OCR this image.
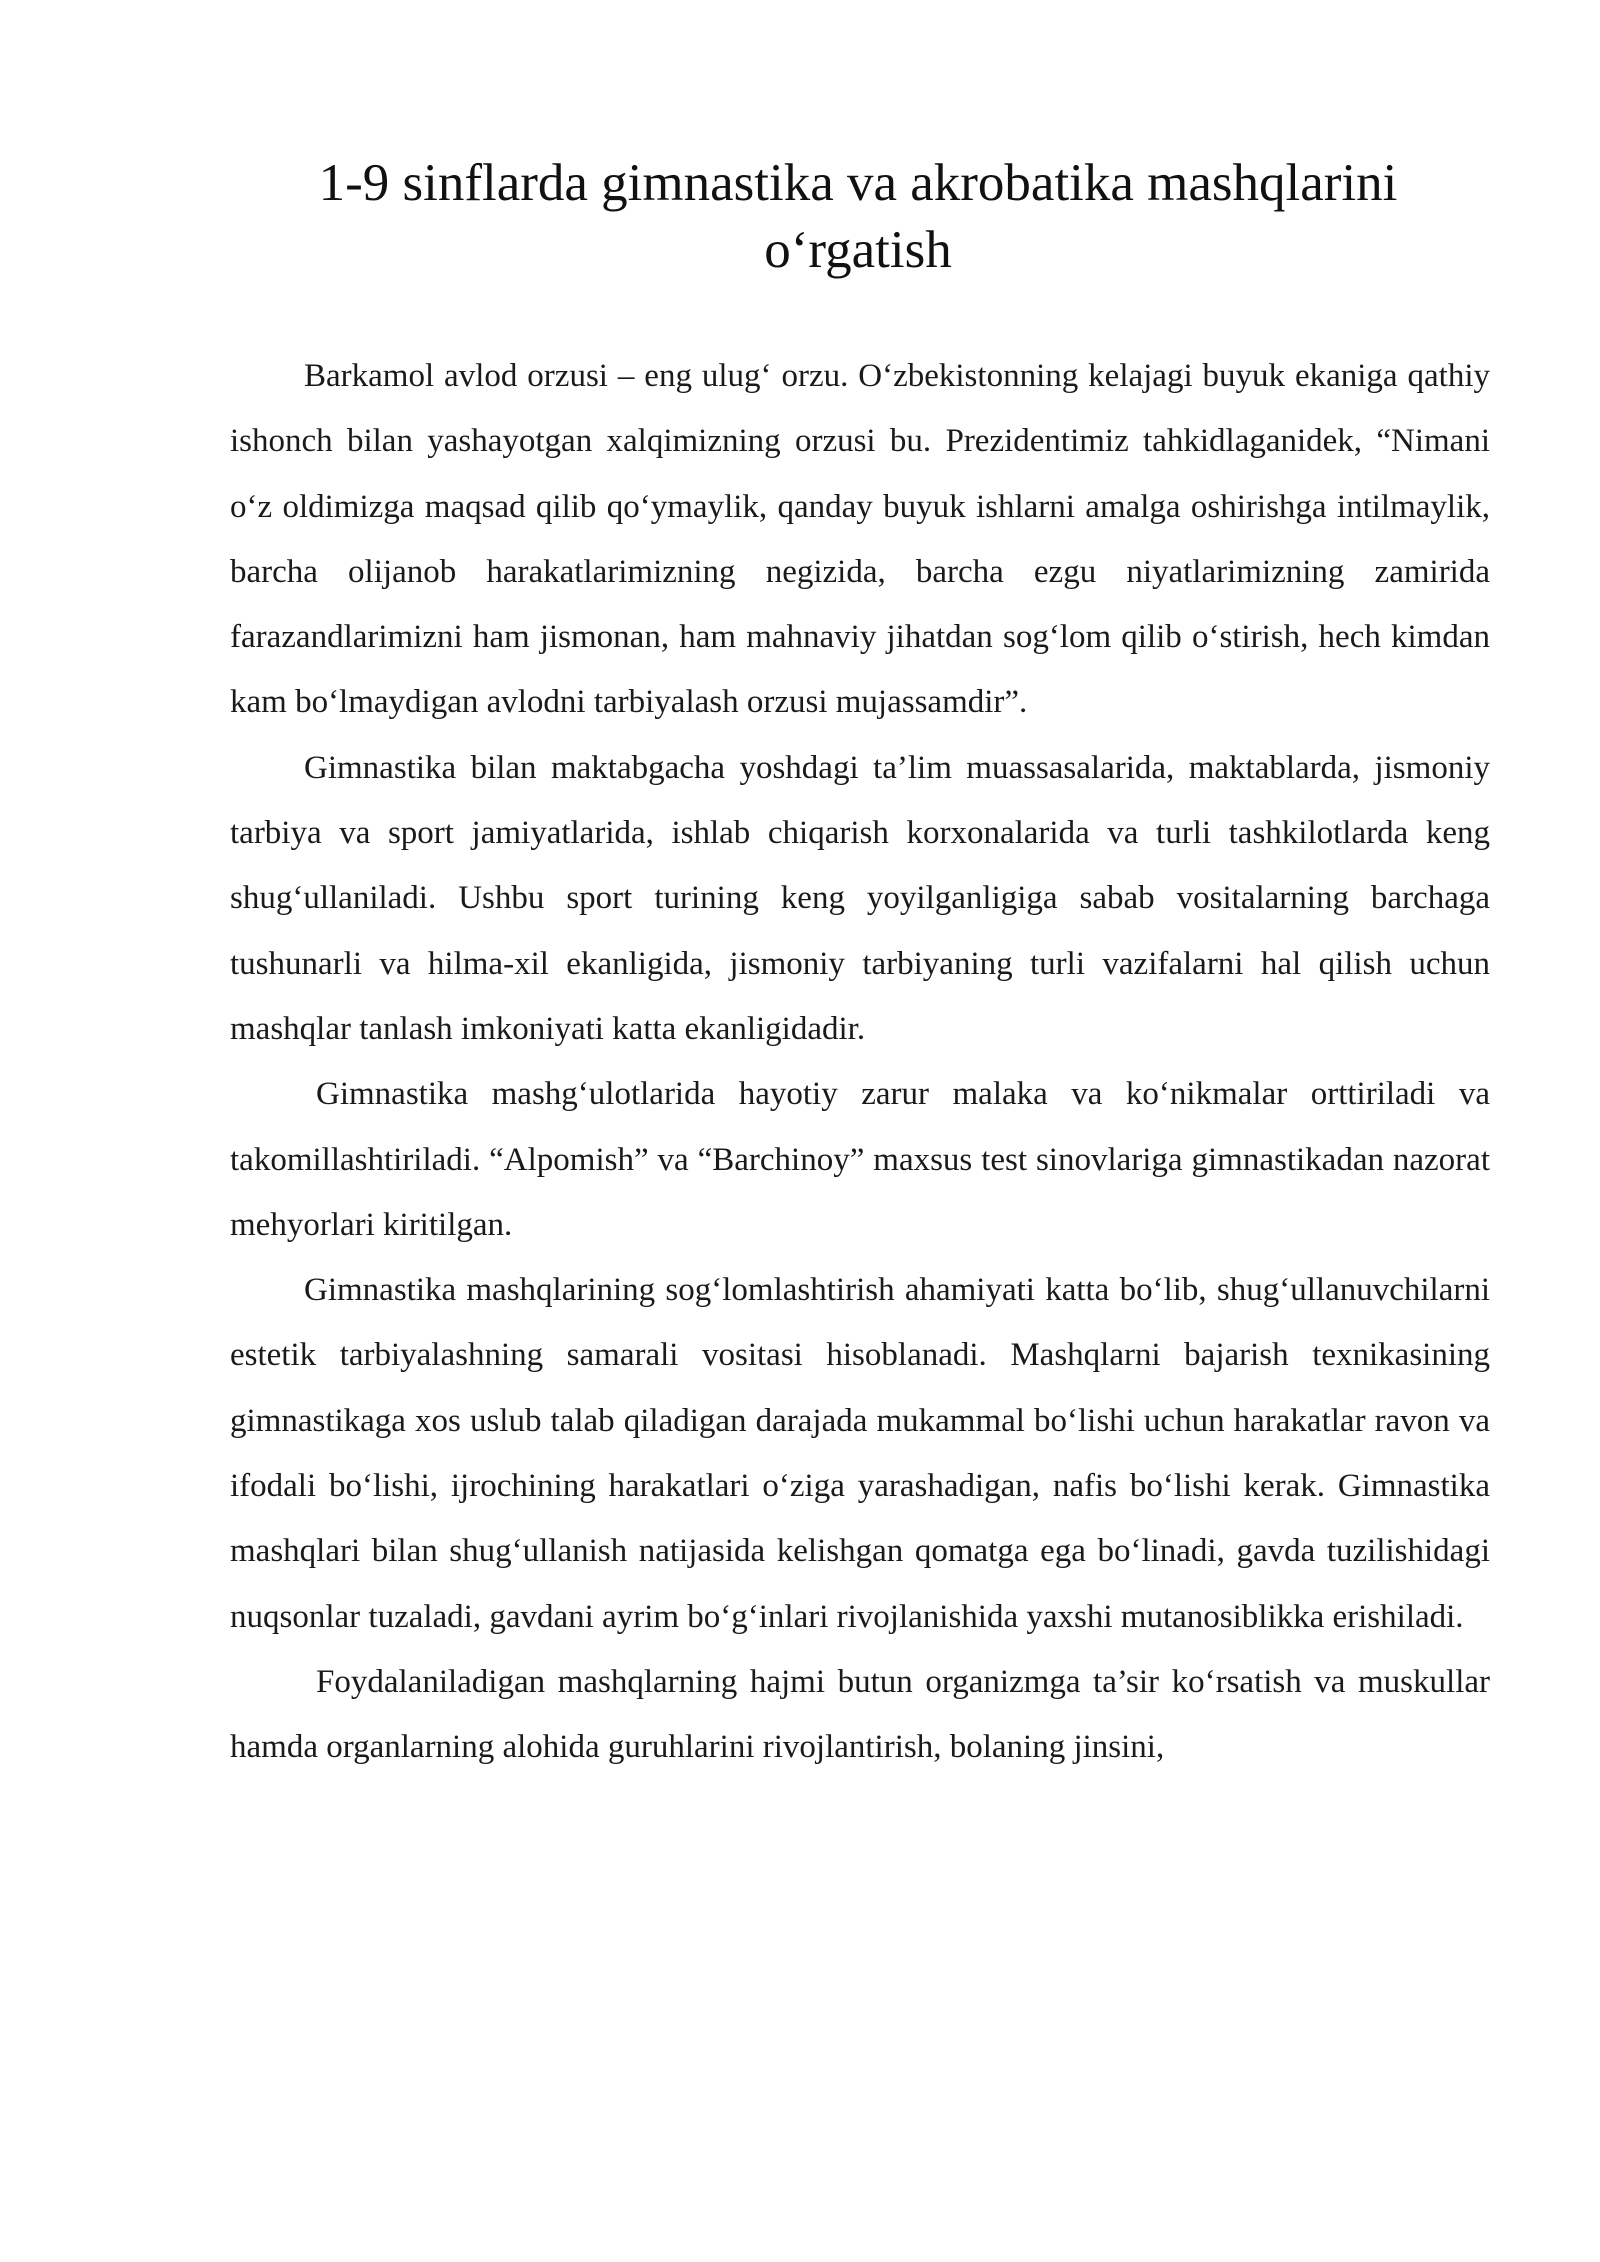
1-9 sinflarda gimnastika va akrobatika mashqlarini o‘rgatish

Barkamol avlod orzusi – eng ulug‘ orzu. O‘zbekistonning kelajagi buyuk ekaniga qathiy ishonch bilan yashayotgan xalqimizning orzusi bu. Prezidentimiz tahkidlaganidek, “Nimani o‘z oldimizga maqsad qilib qo‘ymaylik, qanday buyuk ishlarni amalga oshirishga intilmaylik, barcha olijanob harakatlarimizning negizida, barcha ezgu niyatlarimizning zamirida farazandlarimizni ham jismonan, ham mahnaviy jihatdan sog‘lom qilib o‘stirish, hech kimdan kam bo‘lmaydigan avlodni tarbiyalash orzusi mujassamdir”.

Gimnastika bilan maktabgacha yoshdagi ta’lim muassasalarida, maktablarda, jismoniy tarbiya va sport jamiyatlarida, ishlab chiqarish korxonalarida va turli tashkilotlarda keng shug‘ullaniladi. Ushbu sport turining keng yoyilganligiga sabab vositalarning barchaga tushunarli va hilma-xil ekanligida, jismoniy tarbiyaning turli vazifalarni hal qilish uchun mashqlar tanlash imkoniyati katta ekanligidadir.

Gimnastika mashg‘ulotlarida hayotiy zarur malaka va ko‘nikmalar orttiriladi va takomillashtiriladi. “Alpomish” va “Barchinoy” maxsus test sinovlariga gimnastikadan nazorat mehyorlari kiritilgan.

Gimnastika mashqlarining sog‘lomlashtirish ahamiyati katta bo‘lib, shug‘ullanuvchilarni estetik tarbiyalashning samarali vositasi hisoblanadi. Mashqlarni bajarish texnikasining gimnastikaga xos uslub talab qiladigan darajada mukammal bo‘lishi uchun harakatlar ravon va ifodali bo‘lishi, ijrochining harakatlari o‘ziga yarashadigan, nafis bo‘lishi kerak. Gimnastika mashqlari bilan shug‘ullanish natijasida kelishgan qomatga ega bo‘linadi, gavda tuzilishidagi nuqsonlar tuzaladi, gavdani ayrim bo‘g‘inlari rivojlanishida yaxshi mutanosiblikka erishiladi.

Foydalaniladigan mashqlarning hajmi butun organizmga ta’sir ko‘rsatish va muskullar hamda organlarning alohida guruhlarini rivojlantirish, bolaning jinsini,
